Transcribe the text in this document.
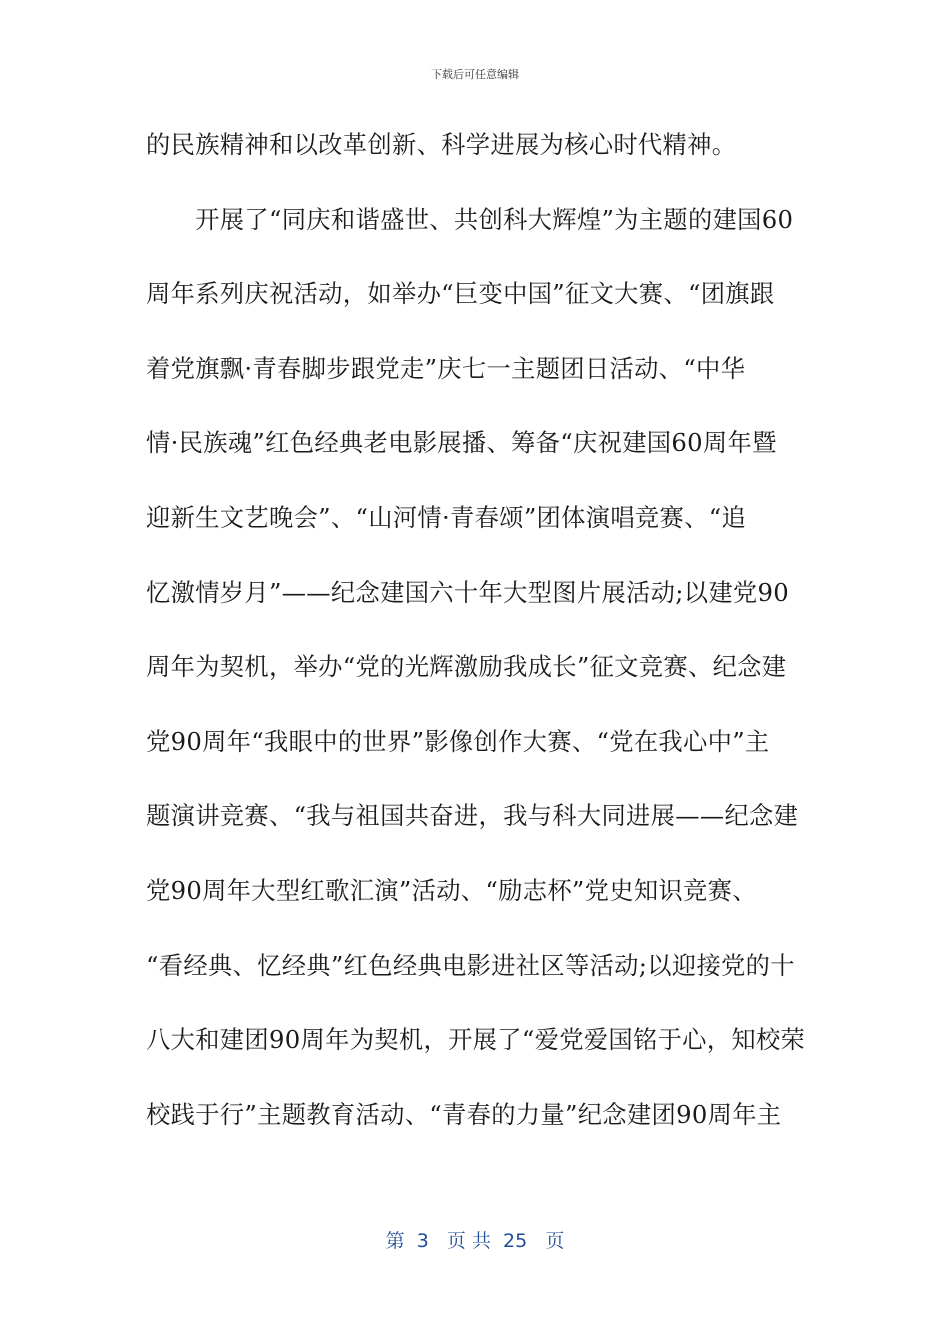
下载后可任意编辑
的民族精神和以改革创新、科学进展为核心时代精神。
　　开展了“同庆和谐盛世、共创科大辉煌”为主题的建国60
周年系列庆祝活动，如举办“巨变中国”征文大赛、“团旗跟
着党旗飘·青春脚步跟党走”庆七一主题团日活动、“中华
情·民族魂”红色经典老电影展播、筹备“庆祝建国60周年暨
迎新生文艺晚会”、“山河情·青春颂”团体演唱竞赛、“追
忆激情岁月”——纪念建国六十年大型图片展活动;以建党90
周年为契机，举办“党的光辉激励我成长”征文竞赛、纪念建
党90周年“我眼中的世界”影像创作大赛、“党在我心中”主
题演讲竞赛、“我与祖国共奋进，我与科大同进展——纪念建
党90周年大型红歌汇演”活动、“励志杯”党史知识竞赛、
“看经典、忆经典”红色经典电影进社区等活动;以迎接党的十
八大和建团90周年为契机，开展了“爱党爱国铭于心，知校荣
校践于行”主题教育活动、“青春的力量”纪念建团90周年主
第  3   页 共  25   页
